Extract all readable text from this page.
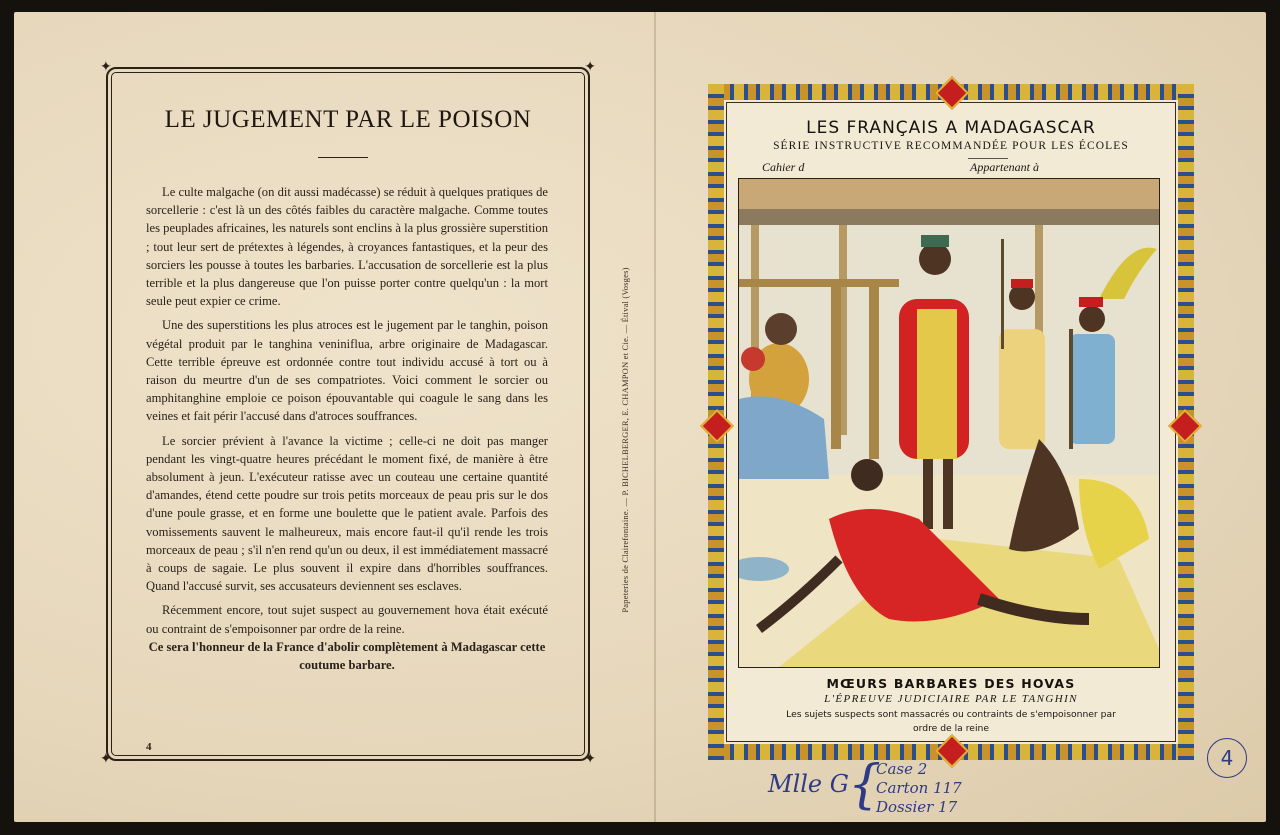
✦	✦
✦	✦
LE JUGEMENT PAR LE POISON

Le culte malgache (on dit aussi madécasse) se réduit à quelques pratiques de sorcellerie : c'est là un des côtés faibles du caractère malgache. Comme toutes les peuplades africaines, les naturels sont enclins à la plus grossière superstition ; tout leur sert de prétextes à légendes, à croyances fantastiques, et la peur des sorciers les pousse à toutes les barbaries. L'accusation de sorcellerie est la plus terrible et la plus dangereuse que l'on puisse porter contre quelqu'un : la mort seule peut expier ce crime.

Une des superstitions les plus atroces est le jugement par le tanghin, poison végétal produit par le tanghina veniniflua, arbre originaire de Madagascar. Cette terrible épreuve est ordonnée contre tout individu accusé à tort ou à raison du meurtre d'un de ses compatriotes. Voici comment le sorcier ou amphitanghine emploie ce poison épouvantable qui coagule le sang dans les veines et fait périr l'accusé dans d'atroces souffrances.

Le sorcier prévient à l'avance la victime ; celle-ci ne doit pas manger pendant les vingt-quatre heures précédant le moment fixé, de manière à être absolument à jeun. L'exécuteur ratisse avec un couteau une certaine quantité d'amandes, étend cette poudre sur trois petits morceaux de peau pris sur le dos d'une poule grasse, et en forme une boulette que le patient avale. Parfois des vomissements sauvent le malheureux, mais encore faut-il qu'il rende les trois morceaux de peau ; s'il n'en rend qu'un ou deux, il est immédiatement massacré à coups de sagaie. Le plus souvent il expire dans d'horribles souffrances. Quand l'accusé survit, ses accusateurs deviennent ses esclaves.

Récemment encore, tout sujet suspect au gouvernement hova était exécuté ou contraint de s'empoisonner par ordre de la reine.

Ce sera l'honneur de la France d'abolir complètement à Madagascar cette coutume barbare.

4
Papeteries de Clairefontaine. — P. BICHELBERGER, E. CHAMPON et Cie. — Étival (Vosges)
LES FRANÇAIS A MADAGASCAR
SÉRIE INSTRUCTIVE RECOMMANDÉE POUR LES ÉCOLES
Cahier d	Appartenant à
MŒURS BARBARES DES HOVAS
L'ÉPREUVE JUDICIAIRE PAR LE TANGHIN
Les sujets suspects sont massacrés ou contraints de s'empoisonner par ordre de la reine
Mlle G {
Case 2
Carton 117
Dossier 17
4
